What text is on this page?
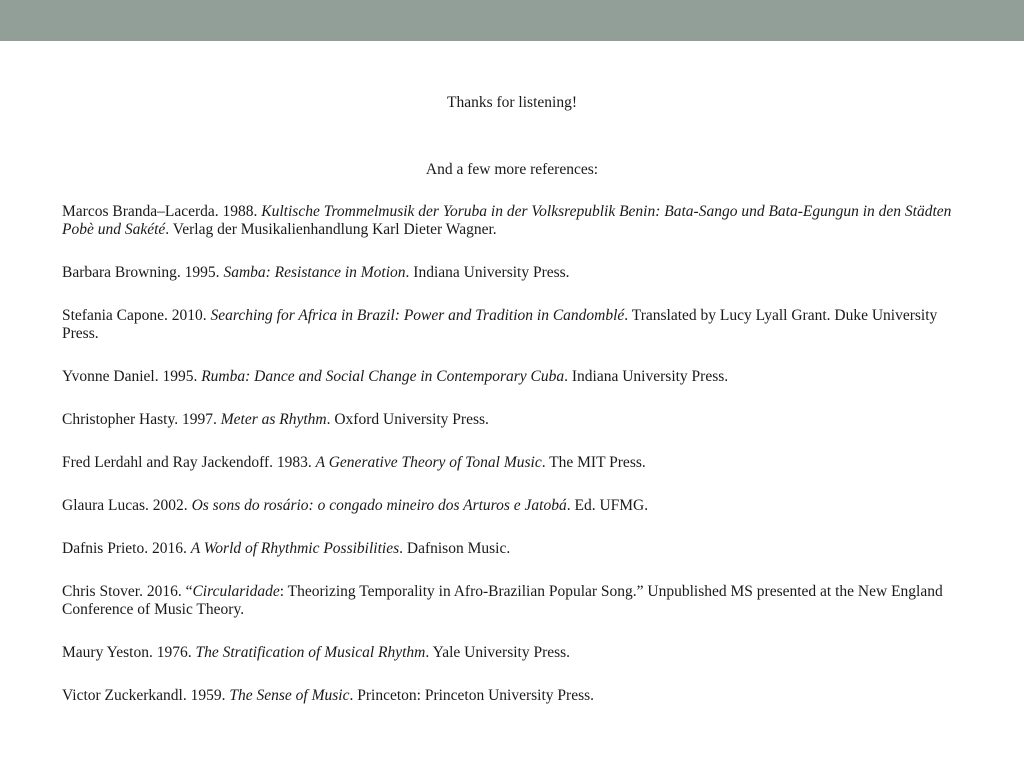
Thanks for listening!

And a few more references:

Marcos Branda–Lacerda. 1988. Kultische Trommelmusik der Yoruba in der Volksrepublik Benin: Bata-Sango und Bata-Egungun in den Städten Pobè und Sakété. Verlag der Musikalienhandlung Karl Dieter Wagner.
Barbara Browning. 1995. Samba: Resistance in Motion. Indiana University Press.
Stefania Capone. 2010. Searching for Africa in Brazil: Power and Tradition in Candomblé. Translated by Lucy Lyall Grant. Duke University Press.
Yvonne Daniel. 1995. Rumba: Dance and Social Change in Contemporary Cuba. Indiana University Press.
Christopher Hasty. 1997. Meter as Rhythm. Oxford University Press.
Fred Lerdahl and Ray Jackendoff. 1983. A Generative Theory of Tonal Music. The MIT Press.
Glaura Lucas. 2002. Os sons do rosário: o congado mineiro dos Arturos e Jatobá. Ed. UFMG.
Dafnis Prieto. 2016. A World of Rhythmic Possibilities. Dafnison Music.
Chris Stover. 2016. “Circularidade: Theorizing Temporality in Afro-Brazilian Popular Song.” Unpublished MS presented at the New England Conference of Music Theory.
Maury Yeston. 1976. The Stratification of Musical Rhythm. Yale University Press.
Victor Zuckerkandl. 1959. The Sense of Music. Princeton: Princeton University Press.
